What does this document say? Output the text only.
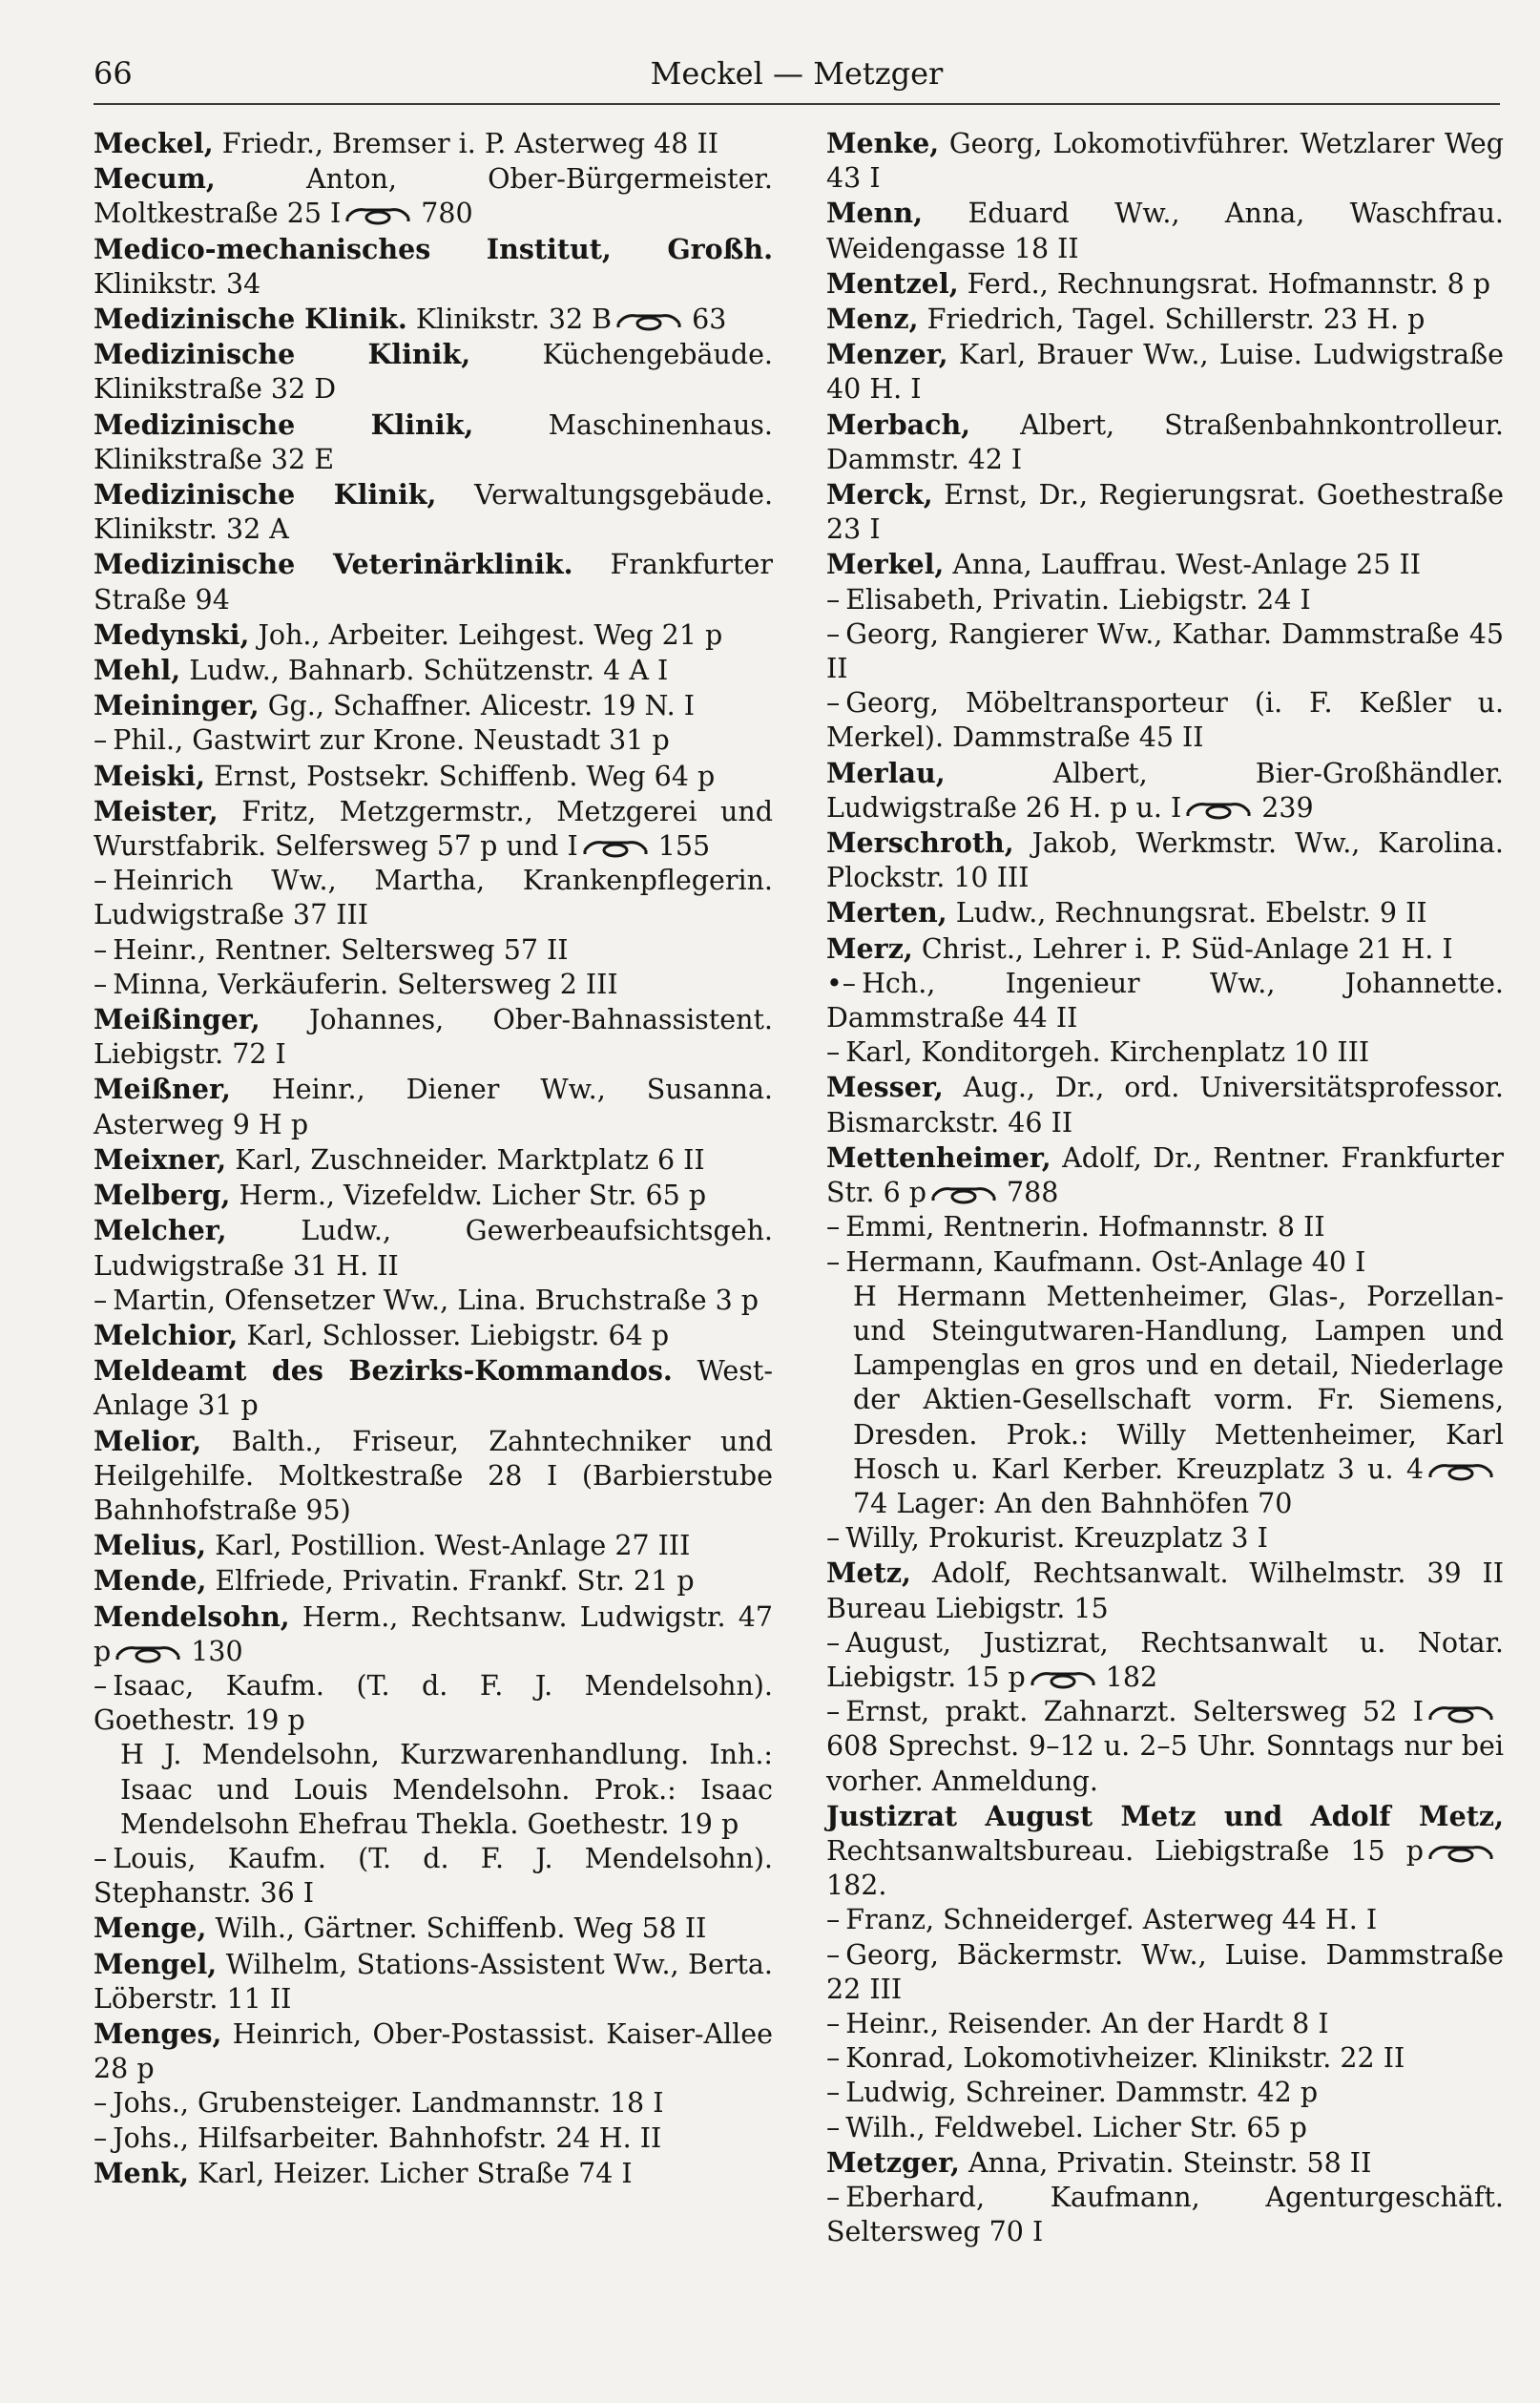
66	Meckel — Metzger

Meckel, Friedr., Bremser i. P. Asterweg 48 II

Mecum, Anton, Ober-Bürgermeister. Moltkestraße 25 I	780

Medico-mechanisches Institut, Großh. Klinikstr. 34

Medizinische Klinik. Klinikstr. 32 B	63

Medizinische Klinik, Küchengebäude. Klinikstraße 32 D

Medizinische Klinik, Maschinenhaus. Klinikstraße 32 E

Medizinische Klinik, Verwaltungsgebäude. Klinikstr. 32 A

Medizinische Veterinärklinik. Frankfurter Straße 94

Medynski, Joh., Arbeiter. Leihgest. Weg 21 p

Mehl, Ludw., Bahnarb. Schützenstr. 4 A I

Meininger, Gg., Schaffner. Alicestr. 19 N. I

– Phil., Gastwirt zur Krone. Neustadt 31 p

Meiski, Ernst, Postsekr. Schiffenb. Weg 64 p

Meister, Fritz, Metzgermstr., Metzgerei und Wurstfabrik. Selfersweg 57 p und I	155

– Heinrich Ww., Martha, Krankenpflegerin. Ludwigstraße 37 III

– Heinr., Rentner. Seltersweg 57 II

– Minna, Verkäuferin. Seltersweg 2 III

Meißinger, Johannes, Ober-Bahnassistent. Liebigstr. 72 I

Meißner, Heinr., Diener Ww., Susanna. Asterweg 9 H p

Meixner, Karl, Zuschneider. Marktplatz 6 II

Melberg, Herm., Vizefeldw. Licher Str. 65 p

Melcher, Ludw., Gewerbeaufsichtsgeh. Ludwigstraße 31 H. II

– Martin, Ofensetzer Ww., Lina. Bruchstraße 3 p

Melchior, Karl, Schlosser. Liebigstr. 64 p

Meldeamt des Bezirks-Kommandos. West-Anlage 31 p

Melior, Balth., Friseur, Zahntechniker und Heilgehilfe. Moltkestraße 28 I (Barbierstube Bahnhofstraße 95)

Melius, Karl, Postillion. West-Anlage 27 III

Mende, Elfriede, Privatin. Frankf. Str. 21 p

Mendelsohn, Herm., Rechtsanw. Ludwigstr. 47 p	130

– Isaac, Kaufm. (T. d. F. J. Mendelsohn). Goethestr. 19 p

H J. Mendelsohn, Kurzwarenhandlung. Inh.: Isaac und Louis Mendelsohn. Prok.: Isaac Mendelsohn Ehefrau Thekla. Goethestr. 19 p

– Louis, Kaufm. (T. d. F. J. Mendelsohn). Stephanstr. 36 I

Menge, Wilh., Gärtner. Schiffenb. Weg 58 II

Mengel, Wilhelm, Stations-Assistent Ww., Berta. Löberstr. 11 II

Menges, Heinrich, Ober-Postassist. Kaiser-Allee 28 p

– Johs., Grubensteiger. Landmannstr. 18 I

– Johs., Hilfsarbeiter. Bahnhofstr. 24 H. II

Menk, Karl, Heizer. Licher Straße 74 I

Menke, Georg, Lokomotivführer. Wetzlarer Weg 43 I

Menn, Eduard Ww., Anna, Waschfrau. Weidengasse 18 II

Mentzel, Ferd., Rechnungsrat. Hofmannstr. 8 p

Menz, Friedrich, Tagel. Schillerstr. 23 H. p

Menzer, Karl, Brauer Ww., Luise. Ludwigstraße 40 H. I

Merbach, Albert, Straßenbahnkontrolleur. Dammstr. 42 I

Merck, Ernst, Dr., Regierungsrat. Goethestraße 23 I

Merkel, Anna, Lauffrau. West-Anlage 25 II

– Elisabeth, Privatin. Liebigstr. 24 I

– Georg, Rangierer Ww., Kathar. Dammstraße 45 II

– Georg, Möbeltransporteur (i. F. Keßler u. Merkel). Dammstraße 45 II

Merlau, Albert, Bier-Großhändler. Ludwigstraße 26 H. p u. I	239

Merschroth, Jakob, Werkmstr. Ww., Karolina. Plockstr. 10 III

Merten, Ludw., Rechnungsrat. Ebelstr. 9 II

Merz, Christ., Lehrer i. P. Süd-Anlage 21 H. I

•– Hch., Ingenieur Ww., Johannette. Dammstraße 44 II

– Karl, Konditorgeh. Kirchenplatz 10 III

Messer, Aug., Dr., ord. Universitätsprofessor. Bismarckstr. 46 II

Mettenheimer, Adolf, Dr., Rentner. Frankfurter Str. 6 p	788

– Emmi, Rentnerin. Hofmannstr. 8 II

– Hermann, Kaufmann. Ost-Anlage 40 I

H Hermann Mettenheimer, Glas-, Porzellan- und Steingutwaren-Handlung, Lampen und Lampenglas en gros und en detail, Niederlage der Aktien-Gesellschaft vorm. Fr. Siemens, Dresden. Prok.: Willy Mettenheimer, Karl Hosch u. Karl Kerber. Kreuzplatz 3 u. 474 Lager: An den Bahnhöfen 70

– Willy, Prokurist. Kreuzplatz 3 I

Metz, Adolf, Rechtsanwalt. Wilhelmstr. 39 II Bureau Liebigstr. 15

– August, Justizrat, Rechtsanwalt u. Notar. Liebigstr. 15 p	182

– Ernst, prakt. Zahnarzt. Seltersweg 52 I608 Sprechst. 9–12 u. 2–5 Uhr. Sonntags nur bei vorher. Anmeldung.

Justizrat August Metz und Adolf Metz, Rechtsanwaltsbureau. Liebigstraße 15 p182.

– Franz, Schneidergef. Asterweg 44 H. I

– Georg, Bäckermstr. Ww., Luise. Dammstraße 22 III

– Heinr., Reisender. An der Hardt 8 I

– Konrad, Lokomotivheizer. Klinikstr. 22 II

– Ludwig, Schreiner. Dammstr. 42 p

– Wilh., Feldwebel. Licher Str. 65 p

Metzger, Anna, Privatin. Steinstr. 58 II

– Eberhard, Kaufmann, Agenturgeschäft. Seltersweg 70 I
